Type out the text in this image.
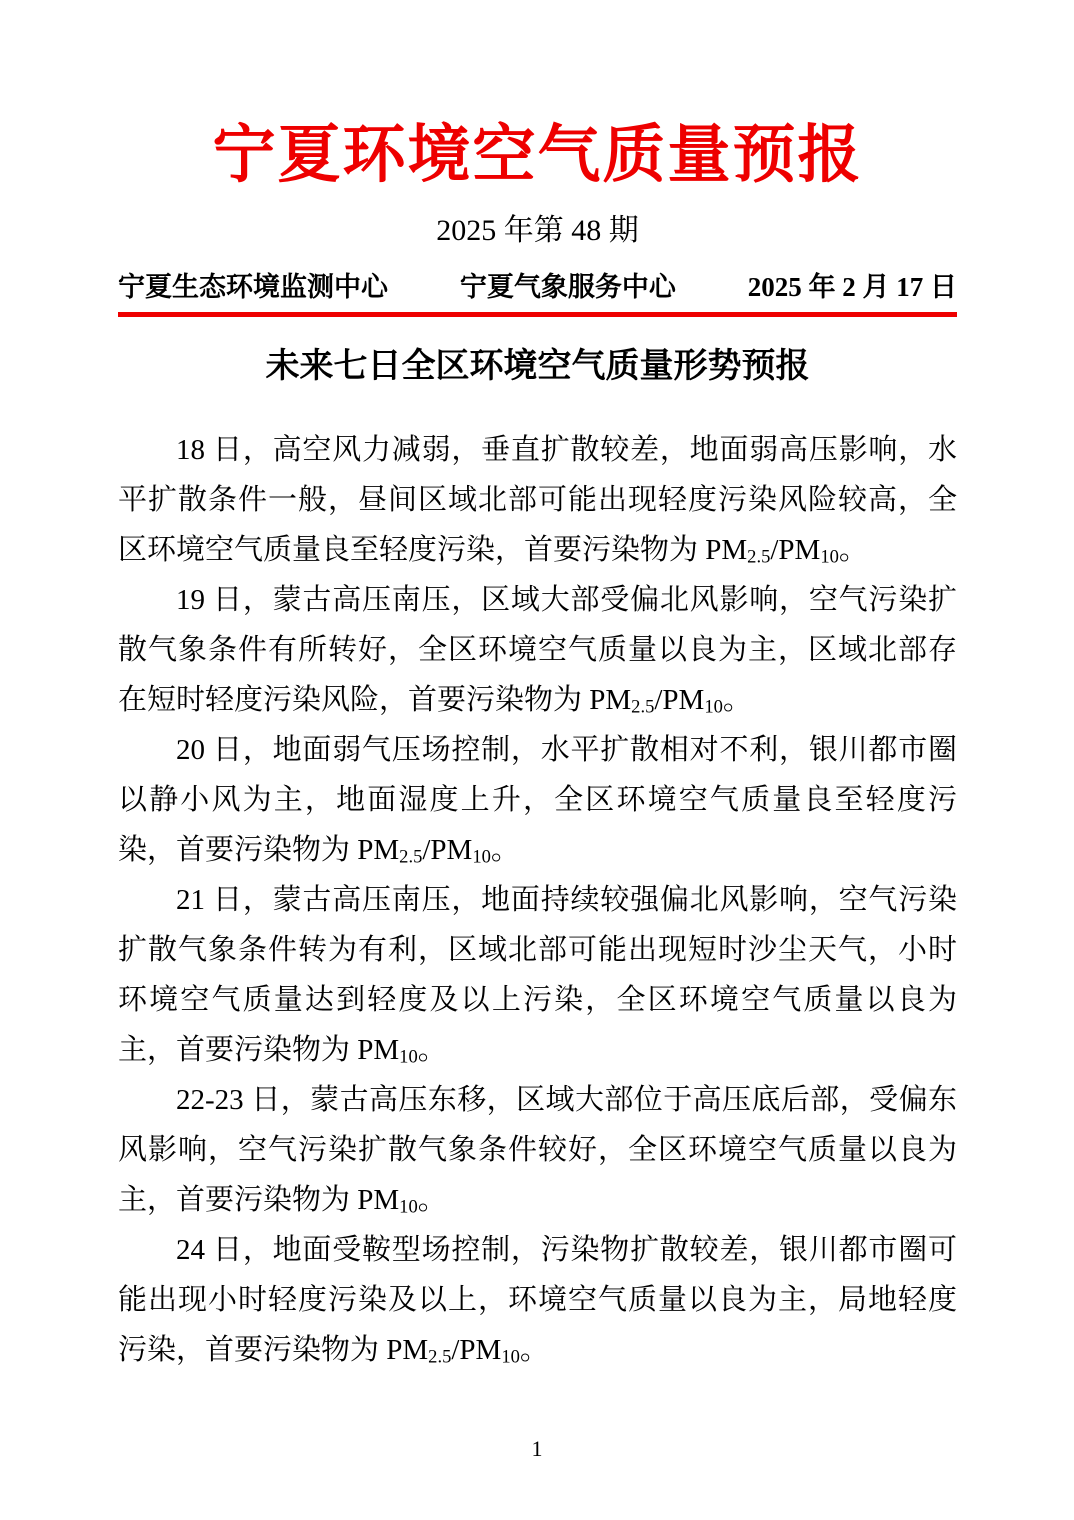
宁夏环境空气质量预报
2025 年第 48 期
宁夏生态环境监测中心	宁夏气象服务中心	2025 年 2 月 17 日
未来七日全区环境空气质量形势预报

18 日，高空风力减弱，垂直扩散较差，地面弱高压影响，水平扩散条件一般，昼间区域北部可能出现轻度污染风险较高，全区环境空气质量良至轻度污染，首要污染物为 $PM_{2.5}/PM_{10}$。

19 日，蒙古高压南压，区域大部受偏北风影响，空气污染扩散气象条件有所转好，全区环境空气质量以良为主，区域北部存在短时轻度污染风险，首要污染物为 $PM_{2.5}/PM_{10}$。

20 日，地面弱气压场控制，水平扩散相对不利，银川都市圈以静小风为主，地面湿度上升，全区环境空气质量良至轻度污染，首要污染物为 $PM_{2.5}/PM_{10}$。

21 日，蒙古高压南压，地面持续较强偏北风影响，空气污染扩散气象条件转为有利，区域北部可能出现短时沙尘天气，小时环境空气质量达到轻度及以上污染，全区环境空气质量以良为主，首要污染物为 $PM_{10}$。

22-23 日，蒙古高压东移，区域大部位于高压底后部，受偏东风影响，空气污染扩散气象条件较好，全区环境空气质量以良为主，首要污染物为 $PM_{10}$。

24 日，地面受鞍型场控制，污染物扩散较差，银川都市圈可能出现小时轻度污染及以上，环境空气质量以良为主，局地轻度污染，首要污染物为 $PM_{2.5}/PM_{10}$。

1
